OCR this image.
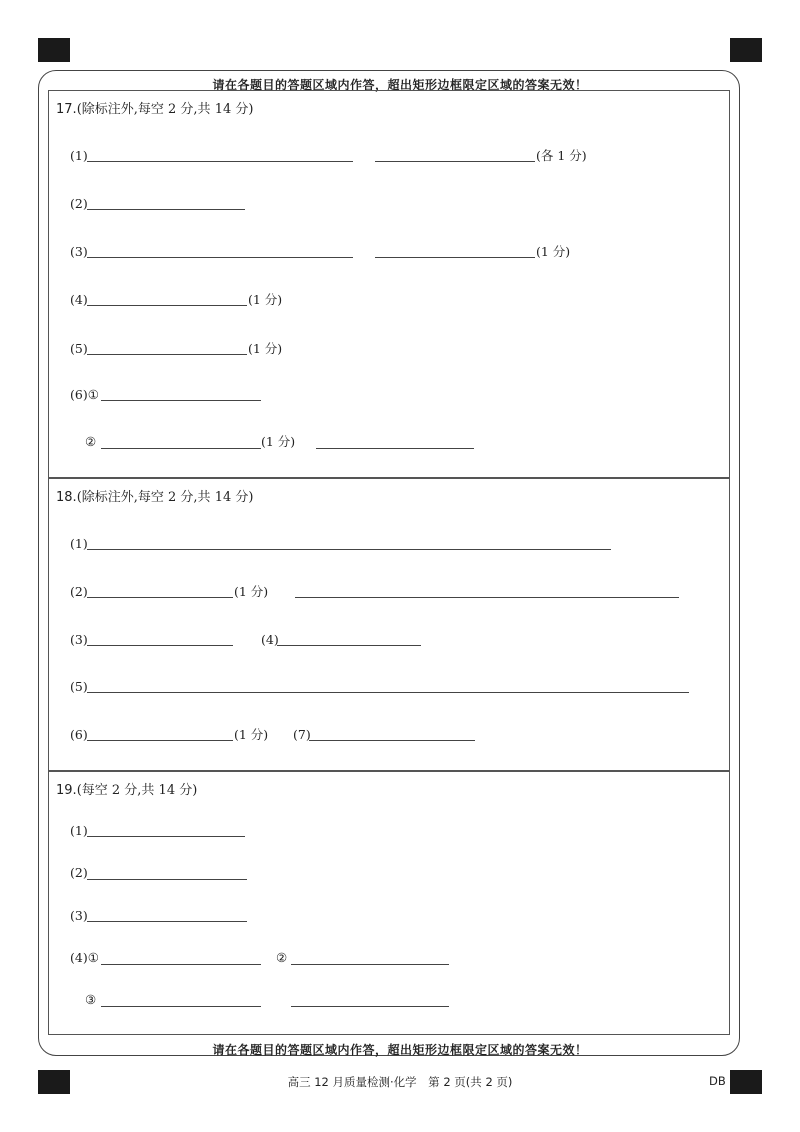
请在各题目的答题区域内作答，超出矩形边框限定区域的答案无效！
请在各题目的答题区域内作答，超出矩形边框限定区域的答案无效！
17.(除标注外,每空 2 分,共 14 分)
(1)	(各 1 分)
(2)
(3)	(1 分)
(4)	(1 分)
(5)	(1 分)
(6)①
②	(1 分)
18.(除标注外,每空 2 分,共 14 分)
(1)
(2)	(1 分)
(3)	(4)
(5)
(6)	(1 分) (7)
19.(每空 2 分,共 14 分)
(1)
(2)
(3)
(4)①	②
③
高三 12 月质量检测·化学　第 2 页(共 2 页)	DB
